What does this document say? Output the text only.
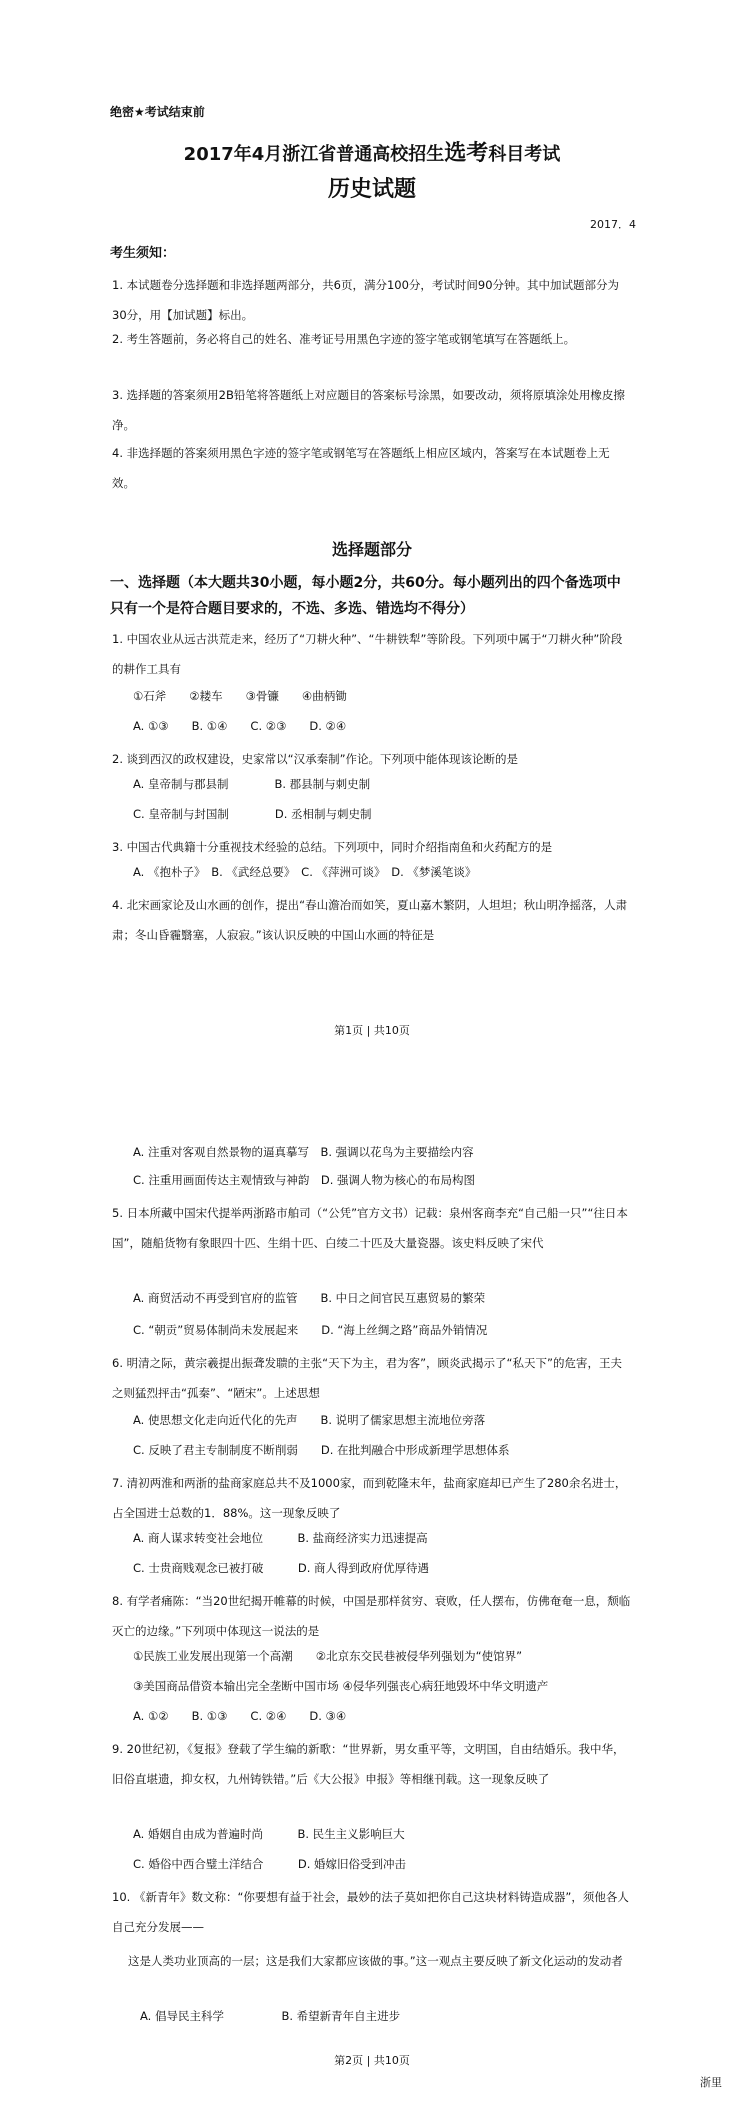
绝密★考试结束前
2017年4月浙江省普通高校招生选考科目考试
历史试题
2017．4
考生须知：
1. 本试题卷分选择题和非选择题两部分，共6页，满分100分，考试时间90分钟。其中加试题部分为30分，用【加试题】标出。
2. 考生答题前，务必将自己的姓名、准考证号用黑色字迹的签字笔或钢笔填写在答题纸上。
3. 选择题的答案须用2B铅笔将答题纸上对应题目的答案标号涂黑，如要改动，须将原填涂处用橡皮擦净。
4. 非选择题的答案须用黑色字迹的签字笔或钢笔写在答题纸上相应区域内，答案写在本试题卷上无效。
选择题部分
一、选择题（本大题共30小题，每小题2分，共60分。每小题列出的四个备选项中只有一个是符合题目要求的，不选、多选、错选均不得分）
1. 中国农业从远古洪荒走来，经历了“刀耕火种”、“牛耕铁犁”等阶段。下列项中属于“刀耕火种”阶段的耕作工具有
①石斧　　②耧车　　③骨镰　　④曲柄锄
A. ①③　　B. ①④　　C. ②③　　D. ②④
2. 谈到西汉的政权建设，史家常以“汉承秦制”作论。下列项中能体现该论断的是
A. 皇帝制与郡县制　　　　B. 郡县制与刺史制
C. 皇帝制与封国制　　　　D. 丞相制与刺史制
3. 中国古代典籍十分重视技术经验的总结。下列项中，同时介绍指南鱼和火药配方的是
A. 《抱朴子》　B. 《武经总要》　C. 《萍洲可谈》　D. 《梦溪笔谈》
4. 北宋画家论及山水画的创作，提出“春山澹冶而如笑，夏山嘉木繁阴，人坦坦；秋山明净摇落，人肃肃；冬山昏霾翳塞，人寂寂。”该认识反映的中国山水画的特征是
第1页 | 共10页
A. 注重对客观自然景物的逼真摹写　B. 强调以花鸟为主要描绘内容
C. 注重用画面传达主观情致与神韵　D. 强调人物为核心的布局构图
5. 日本所藏中国宋代提举两浙路市舶司（“公凭”官方文书）记载：泉州客商李充“自己船一只”“往日本国”，随船货物有象眼四十匹、生绢十匹、白绫二十匹及大量瓷器。该史料反映了宋代
A. 商贸活动不再受到官府的监管　　B. 中日之间官民互惠贸易的繁荣
C. “朝贡”贸易体制尚未发展起来　　D. “海上丝绸之路”商品外销情况
6. 明清之际，黄宗羲提出振聋发聩的主张“天下为主，君为客”，顾炎武揭示了“私天下”的危害，王夫之则猛烈抨击“孤秦”、“陋宋”。上述思想
A. 使思想文化走向近代化的先声　　B. 说明了儒家思想主流地位旁落
C. 反映了君主专制制度不断削弱　　D. 在批判融合中形成新理学思想体系
7. 清初两淮和两浙的盐商家庭总共不及1000家，而到乾隆末年，盐商家庭却已产生了280余名进士，占全国进士总数的1．88%。这一现象反映了
A. 商人谋求转变社会地位　　　B. 盐商经济实力迅速提高
C. 士贵商贱观念已被打破　　　D. 商人得到政府优厚待遇
8. 有学者痛陈：“当20世纪揭开帷幕的时候，中国是那样贫穷、衰败，任人摆布，仿佛奄奄一息，颓临灭亡的边缘。”下列项中体现这一说法的是
①民族工业发展出现第一个高潮　　②北京东交民巷被侵华列强划为“使馆界”
③美国商品借资本输出完全垄断中国市场 ④侵华列强丧心病狂地毁坏中华文明遗产
A. ①②　　B. ①③　　C. ②④　　D. ③④
9. 20世纪初，《复报》登载了学生编的新歌：“世界新，男女重平等，文明国，自由结婚乐。我中华，旧俗直堪遗，抑女权，九州铸铁错。”后《大公报》申报》等相继刊载。这一现象反映了
A. 婚姻自由成为普遍时尚　　　B. 民生主义影响巨大
C. 婚俗中西合璧土洋结合　　　D. 婚嫁旧俗受到冲击
10. 《新青年》数文称：“你要想有益于社会，最妙的法子莫如把你自己这块材料铸造成器”，须他各人自己充分发展——
这是人类功业顶高的一层；这是我们大家都应该做的事。”这一观点主要反映了新文化运动的发动者
A. 倡导民主科学　　　　　B. 希望新青年自主进步
第2页 | 共10页
浙里
